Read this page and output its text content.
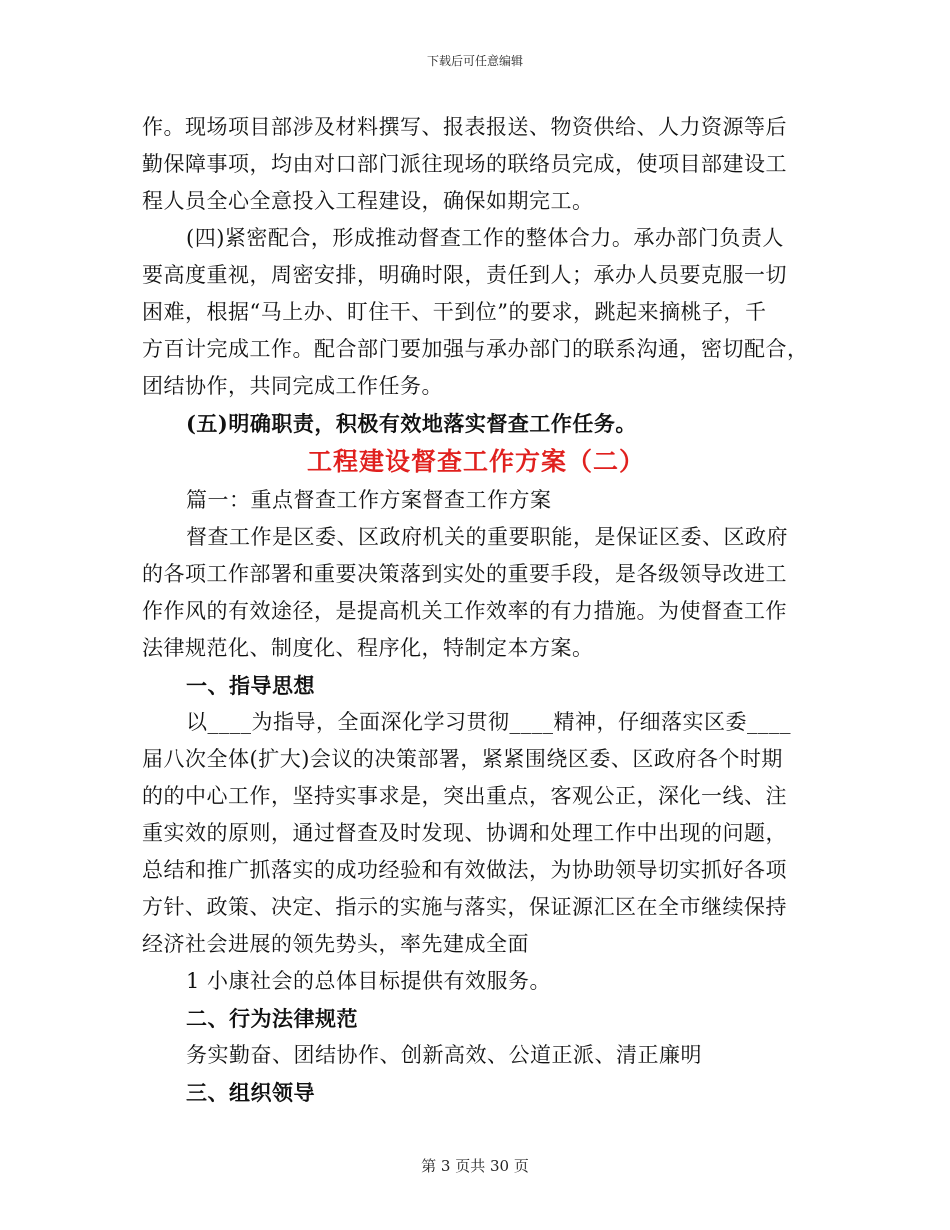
下载后可任意编辑
作。现场项目部涉及材料撰写、报表报送、物资供给、人力资源等后
勤保障事项，均由对口部门派往现场的联络员完成，使项目部建设工
程人员全心全意投入工程建设，确保如期完工。
(四)紧密配合，形成推动督查工作的整体合力。承办部门负责人
要高度重视，周密安排，明确时限，责任到人；承办人员要克服一切
困难，根据“马上办、盯住干、干到位”的要求，跳起来摘桃子，千
方百计完成工作。配合部门要加强与承办部门的联系沟通，密切配合，
团结协作，共同完成工作任务。
(五)明确职责，积极有效地落实督查工作任务。
工程建设督查工作方案（二）
篇一：重点督查工作方案督查工作方案
督查工作是区委、区政府机关的重要职能，是保证区委、区政府
的各项工作部署和重要决策落到实处的重要手段，是各级领导改进工
作作风的有效途径，是提高机关工作效率的有力措施。为使督查工作
法律规范化、制度化、程序化，特制定本方案。
一、指导思想
以____为指导，全面深化学习贯彻____精神，仔细落实区委____
届八次全体(扩大)会议的决策部署，紧紧围绕区委、区政府各个时期
的的中心工作，坚持实事求是，突出重点，客观公正，深化一线、注
重实效的原则，通过督查及时发现、协调和处理工作中出现的问题，
总结和推广抓落实的成功经验和有效做法，为协助领导切实抓好各项
方针、政策、决定、指示的实施与落实，保证源汇区在全市继续保持
经济社会进展的领先势头，率先建成全面
1 小康社会的总体目标提供有效服务。
二、行为法律规范
务实勤奋、团结协作、创新高效、公道正派、清正廉明
三、组织领导
第 3 页共 30 页
